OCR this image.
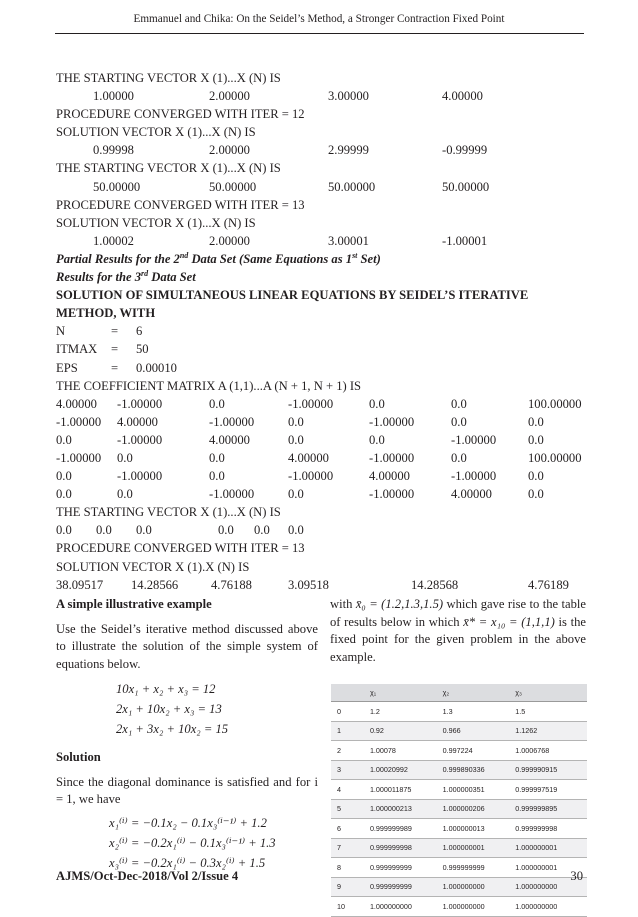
Emmanuel and Chika: On the Seidel’s Method, a Stronger Contraction Fixed Point
THE STARTING VECTOR X (1)...X (N) IS
1.00000	2.00000	3.00000	4.00000
PROCEDURE CONVERGED WITH ITER = 12
SOLUTION VECTOR X (1)...X (N) IS
0.99998	2.00000	2.99999	-0.99999
THE STARTING VECTOR X (1)...X (N) IS
50.00000	50.00000	50.00000	50.00000
PROCEDURE CONVERGED WITH ITER = 13
SOLUTION VECTOR X (1)...X (N) IS
1.00002	2.00000	3.00001	-1.00001
Partial Results for the 2nd Data Set (Same Equations as 1st Set)
Results for the 3rd Data Set
SOLUTION OF SIMULTANEOUS LINEAR EQUATIONS BY SEIDEL’S ITERATIVE
METHOD, WITH
N	= 6
ITMAX = 50
EPS	= 0.00010
THE COEFFICIENT MATRIX A (1,1)...A (N + 1, N + 1) IS
4.00000 -1.00000	0.0	-1.00000	0.0	0.0	100.00000
-1.00000 4.00000	-1.00000	0.0	-1.00000	0.0	0.0
0.0	-1.00000	4.00000	0.0	0.0	-1.00000	0.0
-1.00000 0.0	0.0	4.00000	-1.00000	0.0	100.00000
0.0	-1.00000	0.0	-1.00000	4.00000	-1.00000	0.0
0.0	0.0	-1.00000	0.0	-1.00000	4.00000	0.0
THE STARTING VECTOR X (1)...X (N) IS
0.0 0.0 0.0	0.0 0.0 0.0
PROCEDURE CONVERGED WITH ITER = 13
SOLUTION VECTOR X (1).X (N) IS
38.09517 14.28566	4.76188	3.09518	14.28568	4.76189
A simple illustrative example

Use the Seidel’s iterative method discussed above to illustrate the solution of the simple system of equations below.

10x₁ + x₂ + x₃ = 12
2x₁ + 10x₂ + x₃ = 13
2x₁ + 3x₂ + 10x₂ = 15
Solution

Since the diagonal dominance is satisfied and for i = 1, we have

x₁⁽ⁱ⁾ = −0.1x₂ − 0.1x₃⁽ⁱ⁻¹⁾ + 1.2
x₂⁽ⁱ⁾ = −0.2x₁⁽ⁱ⁾ − 0.1x₃⁽ⁱ⁻¹⁾ + 1.3
x₃⁽ⁱ⁾ = −0.2x₁⁽ⁱ⁾ − 0.3x₂⁽ⁱ⁾ + 1.5

with x̄₀ = (1.2,1.3,1.5) which gave rise to the table of results below in which x̄* = x₁₀ = (1,1,1) is the fixed point for the given problem in the above example.

	χ₁	χ₂	χ₃
0	1.2	1.3	1.5
1	0.92	0.966	1.1262
2	1.00078	0.997224	1.0006768
3	1.00020992	0.999890336	0.999990915
4	1.000011875	1.000000351	0.999997519
5	1.000000213	1.000000206	0.999999895
6	0.999999989	1.000000013	0.999999998
7	0.999999998	1.000000001	1.000000001
8	0.999999999	0.999999999	1.000000001
9	0.999999999	1.000000000	1.000000000
10	1.000000000	1.000000000	1.000000000
AJMS/Oct-Dec-2018/Vol 2/Issue 4	30
